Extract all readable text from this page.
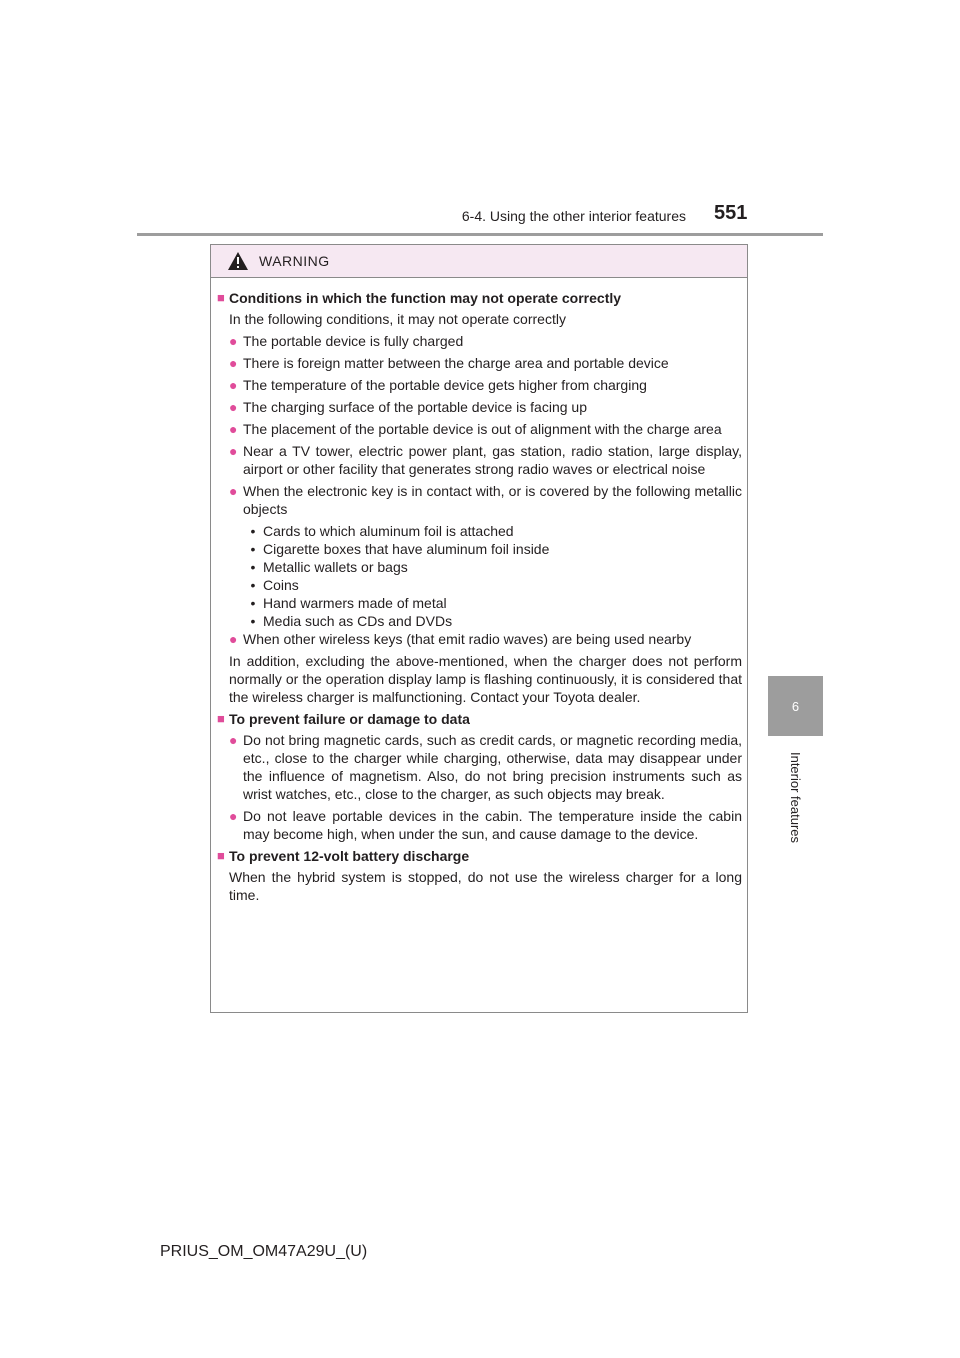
6-4. Using the other interior features 551
6
Interior features
WARNING
■ Conditions in which the function may not operate correctly
In the following conditions, it may not operate correctly
● The portable device is fully charged
● There is foreign matter between the charge area and portable device
● The temperature of the portable device gets higher from charging
● The charging surface of the portable device is facing up
● The placement of the portable device is out of alignment with the charge area
● Near a TV tower, electric power plant, gas station, radio station, large display, airport or other facility that generates strong radio waves or electrical noise
● When the electronic key is in contact with, or is covered by the following metallic objects
• Cards to which aluminum foil is attached
• Cigarette boxes that have aluminum foil inside
• Metallic wallets or bags
• Coins
• Hand warmers made of metal
• Media such as CDs and DVDs
● When other wireless keys (that emit radio waves) are being used nearby
In addition, excluding the above-mentioned, when the charger does not perform normally or the operation display lamp is flashing continuously, it is considered that the wireless charger is malfunctioning. Contact your Toyota dealer.
■ To prevent failure or damage to data
● Do not bring magnetic cards, such as credit cards, or magnetic recording media, etc., close to the charger while charging, otherwise, data may disappear under the influence of magnetism. Also, do not bring precision instruments such as wrist watches, etc., close to the charger, as such objects may break.
● Do not leave portable devices in the cabin. The temperature inside the cabin may become high, when under the sun, and cause damage to the device.
■ To prevent 12-volt battery discharge
When the hybrid system is stopped, do not use the wireless charger for a long time.
PRIUS_OM_OM47A29U_(U)
